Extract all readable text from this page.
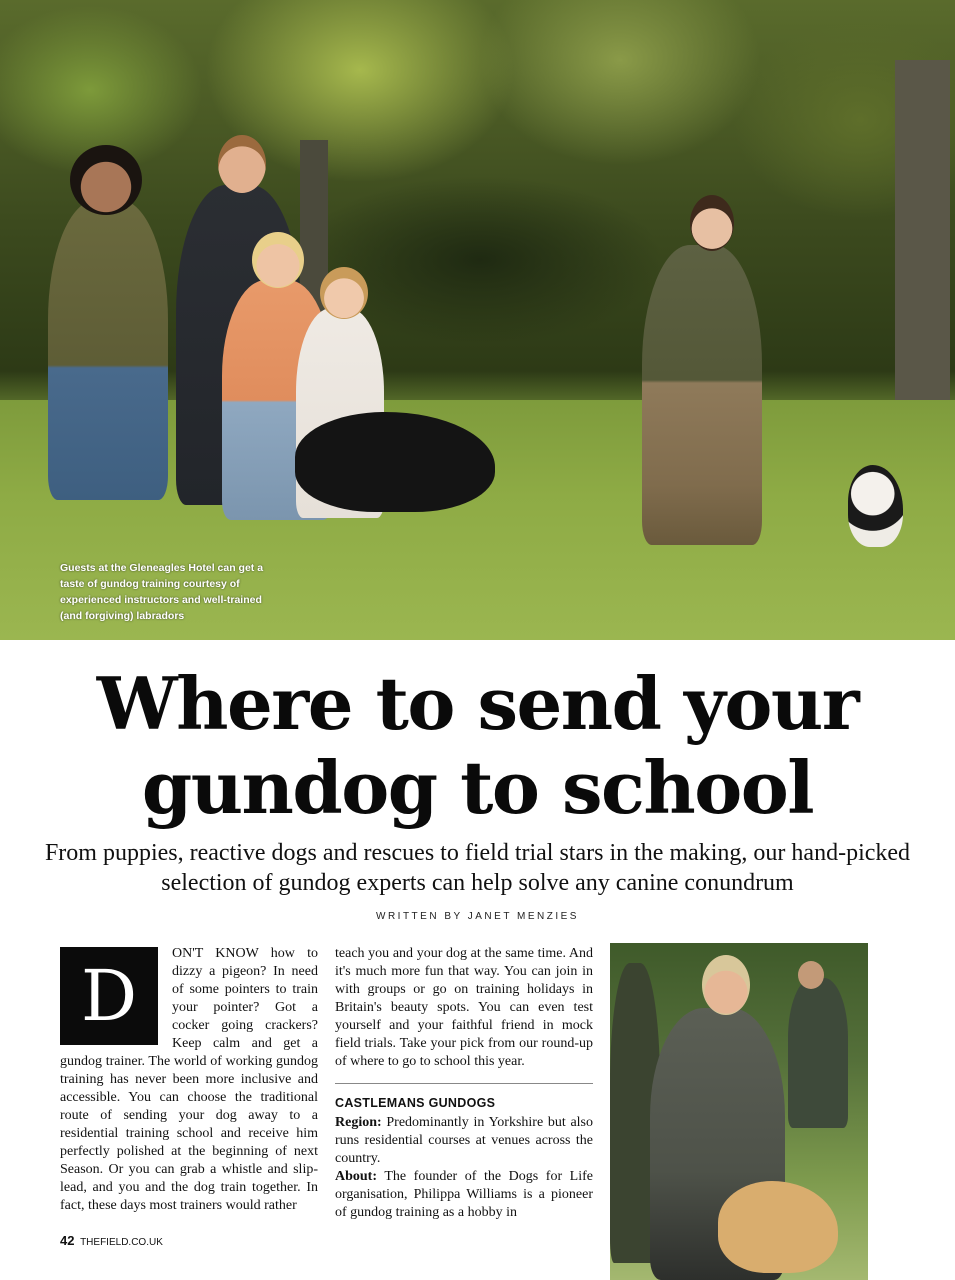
Guests at the Gleneagles Hotel can get a taste of gundog training courtesy of experienced instructors and well-trained (and forgiving) labradors
Where to send your
gundog to school
From puppies, reactive dogs and rescues to field trial stars in the making, our hand-picked selection of gundog experts can help solve any canine conundrum
WRITTEN BY JANET MENZIES
D

ON'T KNOW how to dizzy a pigeon? In need of some pointers to train your pointer? Got a cocker going crackers? Keep calm and get a gundog trainer. The world of working gundog training has never been more inclusive and accessible. You can choose the traditional route of sending your dog away to a residential training school and receive him perfectly polished at the beginning of next Season. Or you can grab a whistle and slip-lead, and you and the dog train together. In fact, these days most trainers would rather

teach you and your dog at the same time. And it's much more fun that way. You can join in with groups or go on training holidays in Britain's beauty spots. You can even test yourself and your faithful friend in mock field trials. Take your pick from our round-up of where to go to school this year.

CASTLEMANS GUNDOGS

Region: Predominantly in Yorkshire but also runs residential courses at venues across the country.

About: The founder of the Dogs for Life organisation, Philippa Williams is a pioneer of gundog training as a hobby in

42 THEFIELD.CO.UK
